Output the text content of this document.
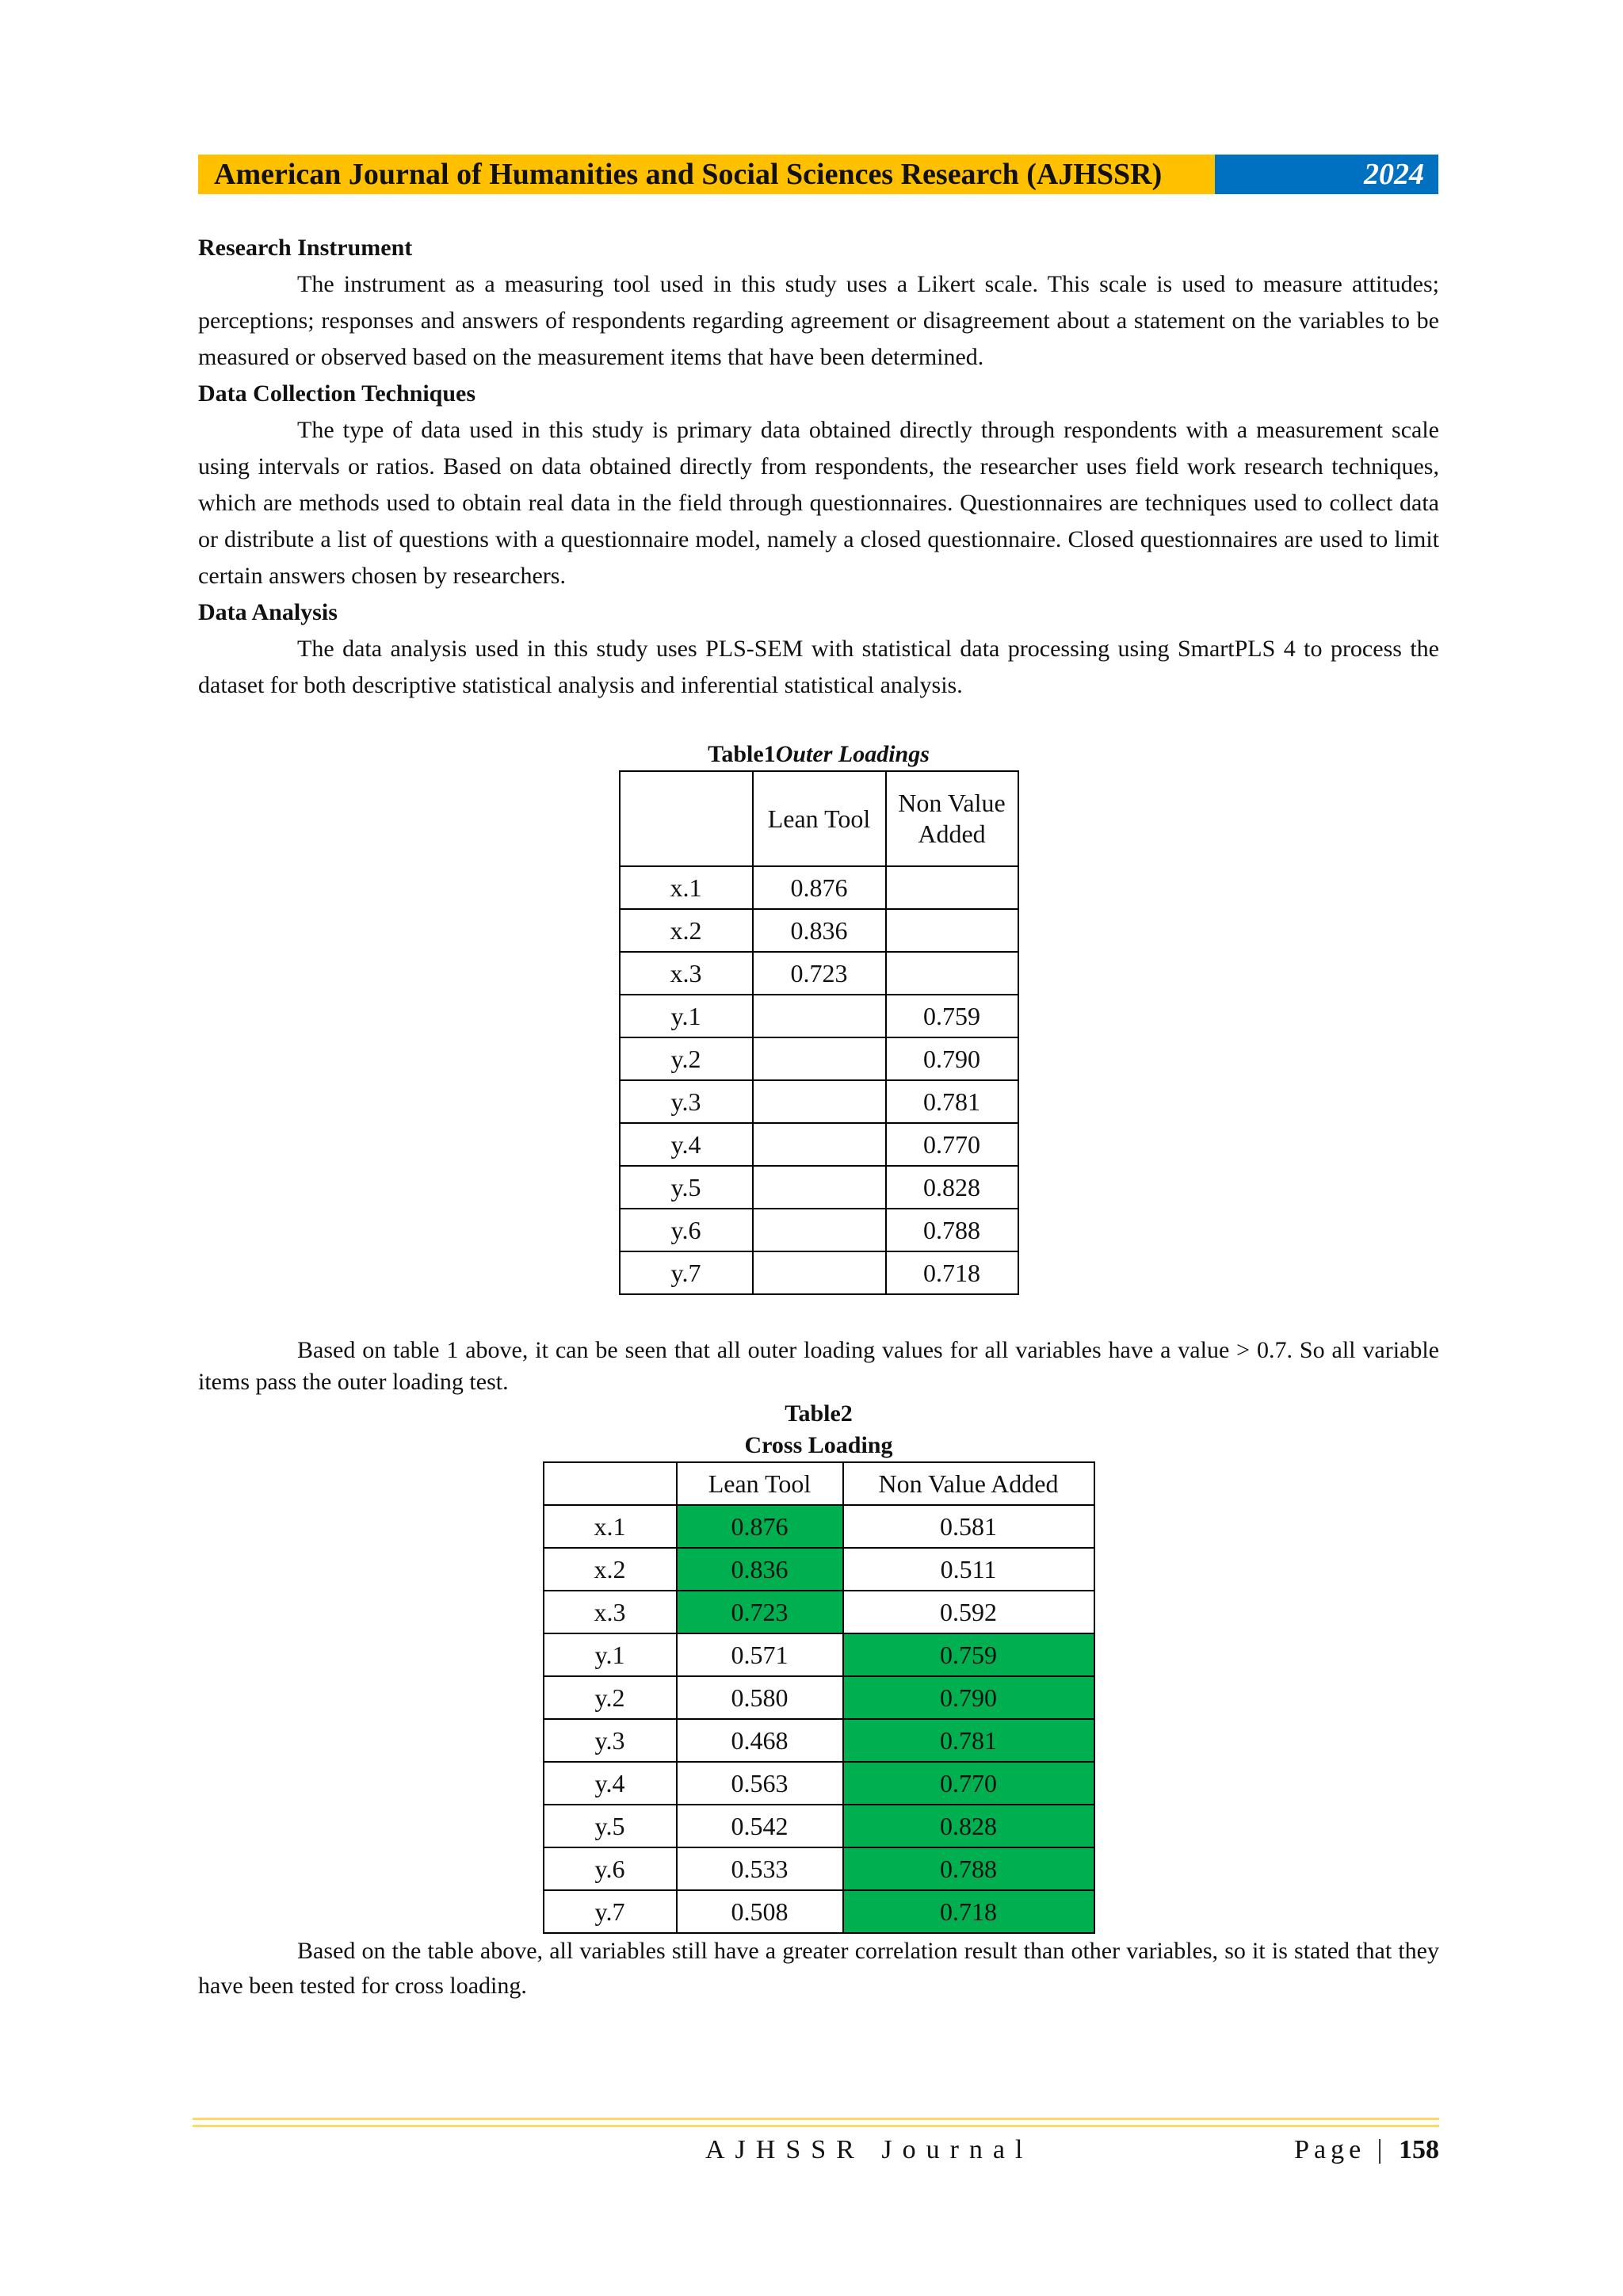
American Journal of Humanities and Social Sciences Research (AJHSSR)	2024
Research Instrument

The instrument as a measuring tool used in this study uses a Likert scale. This scale is used to measure attitudes; perceptions; responses and answers of respondents regarding agreement or disagreement about a statement on the variables to be measured or observed based on the measurement items that have been determined.

Data Collection Techniques

The type of data used in this study is primary data obtained directly through respondents with a measurement scale using intervals or ratios. Based on data obtained directly from respondents, the researcher uses field work research techniques, which are methods used to obtain real data in the field through questionnaires. Questionnaires are techniques used to collect data or distribute a list of questions with a questionnaire model, namely a closed questionnaire. Closed questionnaires are used to limit certain answers chosen by researchers.

Data Analysis

The data analysis used in this study uses PLS-SEM with statistical data processing using SmartPLS 4 to process the dataset for both descriptive statistical analysis and inferential statistical analysis.

Table1Outer Loadings
	Lean Tool	Non Value Added
x.1	0.876	
x.2	0.836	
x.3	0.723	
y.1		0.759
y.2		0.790
y.3		0.781
y.4		0.770
y.5		0.828
y.6		0.788
y.7		0.718

Based on table 1 above, it can be seen that all outer loading values for all variables have a value > 0.7. So all variable items pass the outer loading test.

Table2
Cross Loading
	Lean Tool	Non Value Added
x.1	0.876	0.581
x.2	0.836	0.511
x.3	0.723	0.592
y.1	0.571	0.759
y.2	0.580	0.790
y.3	0.468	0.781
y.4	0.563	0.770
y.5	0.542	0.828
y.6	0.533	0.788
y.7	0.508	0.718

Based on the table above, all variables still have a greater correlation result than other variables, so it is stated that they have been tested for cross loading.

AJHSSR Journal	Page | 158
